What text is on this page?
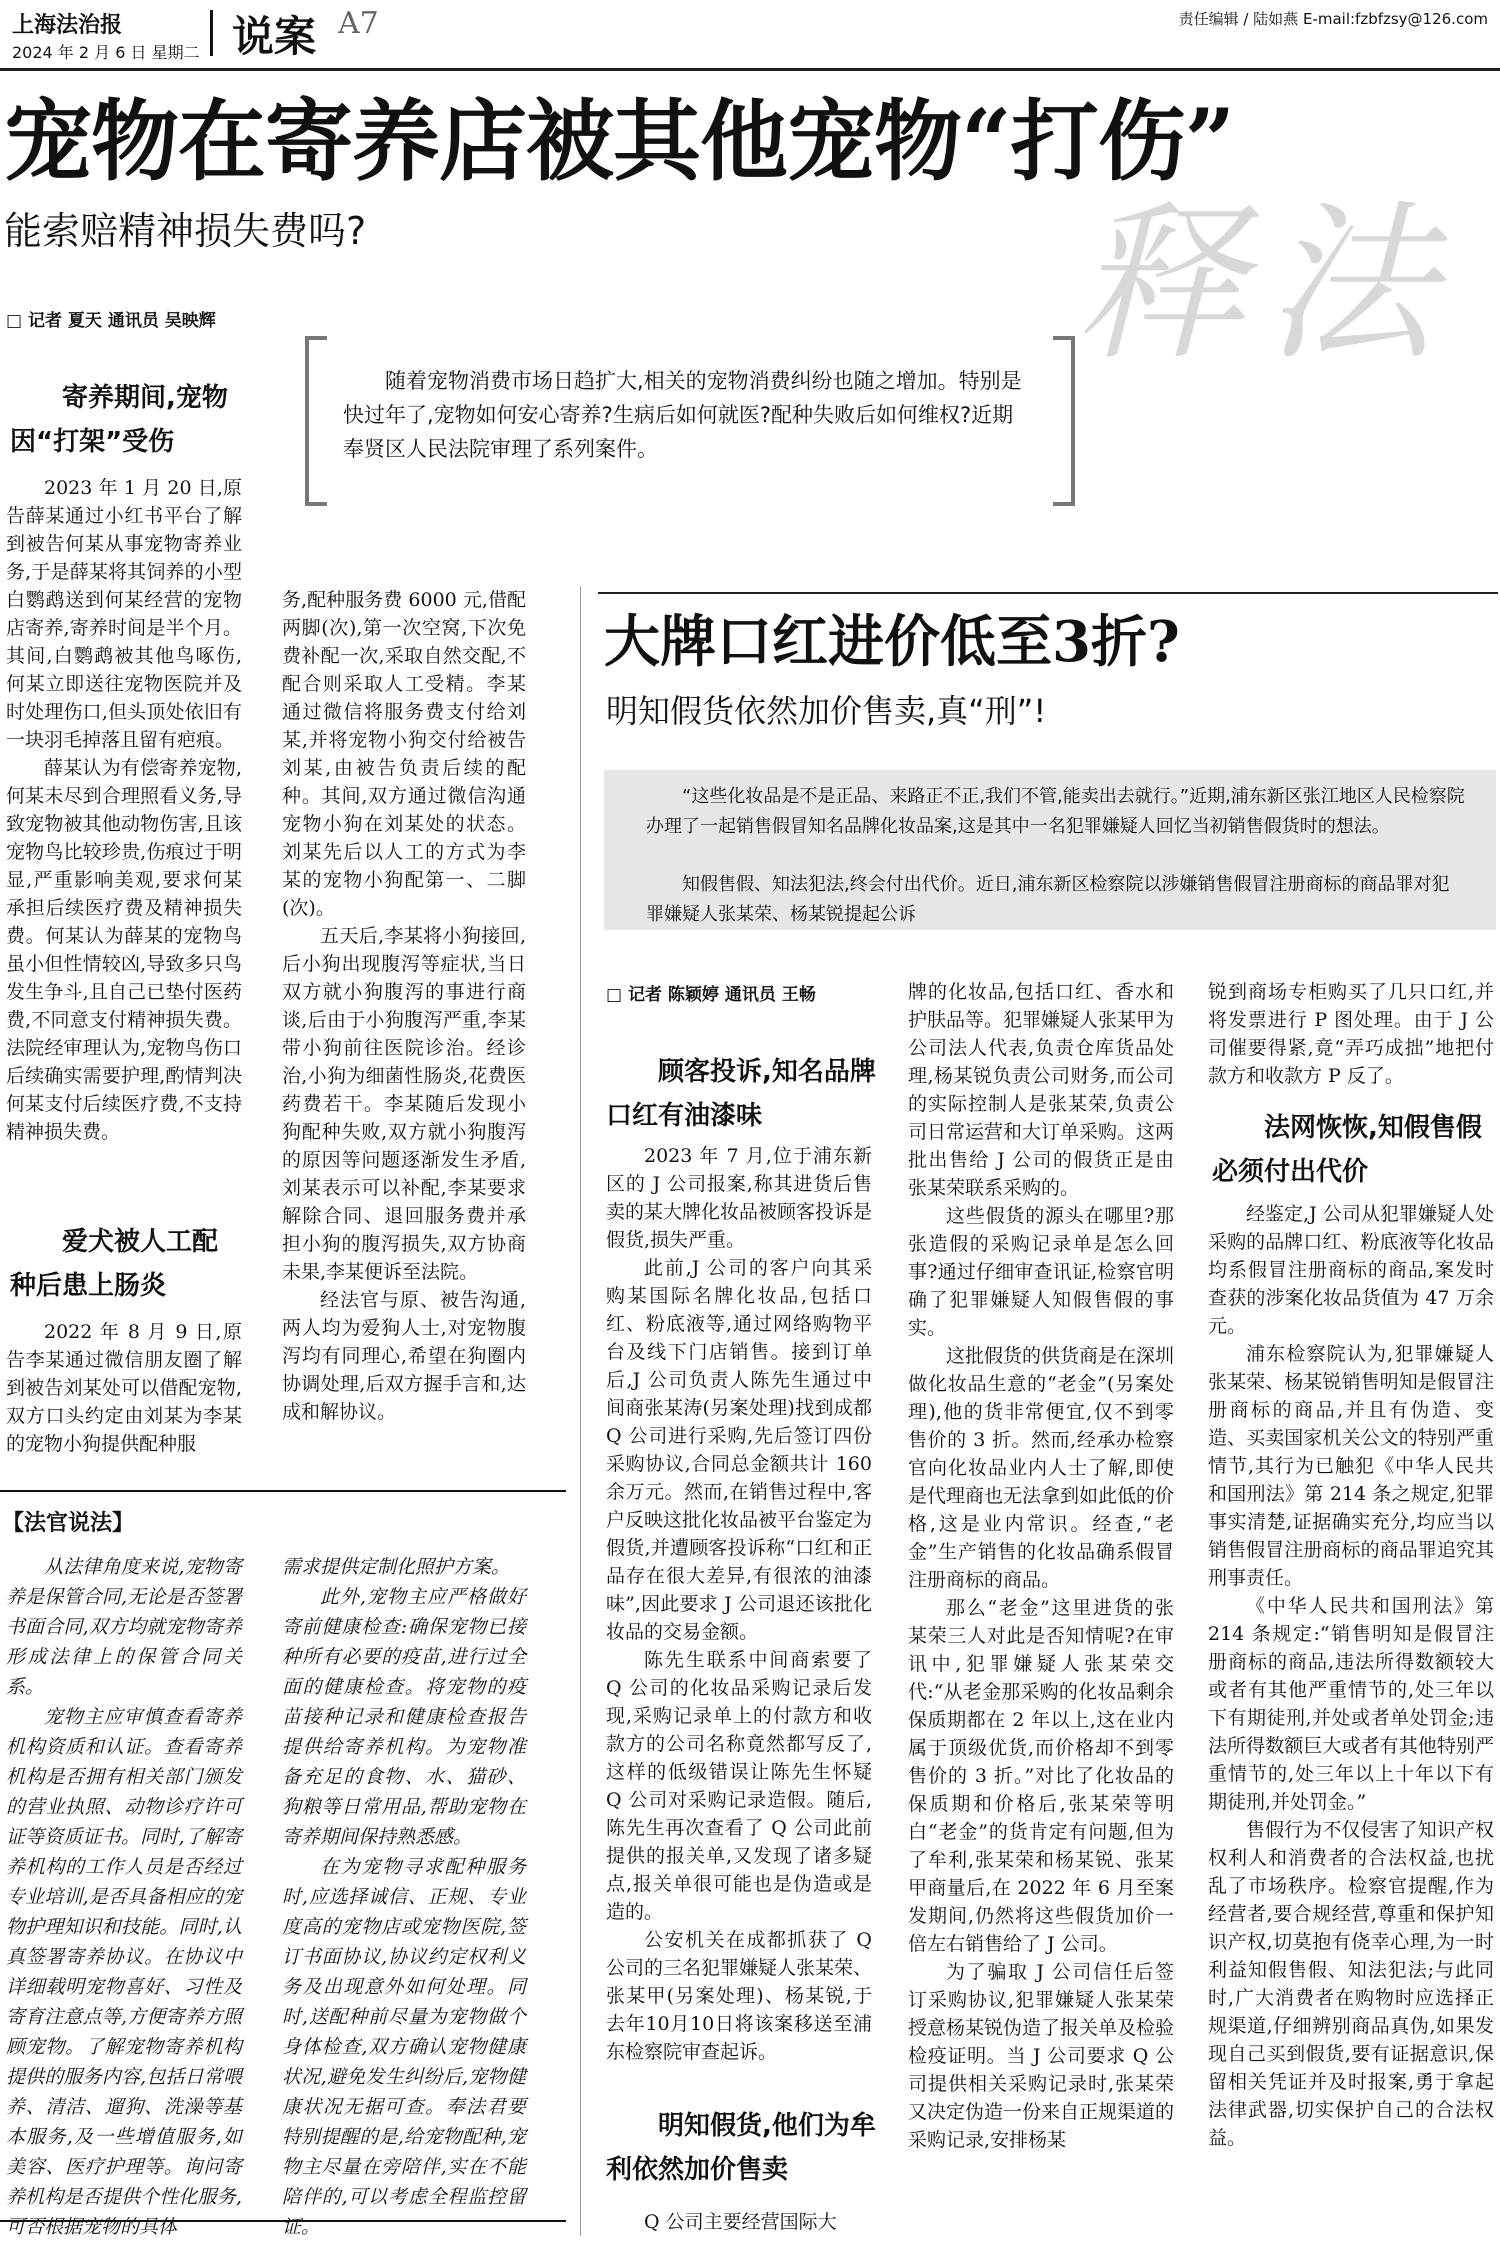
上海法治报
2024 年 2 月 6 日 星期二 说案 A7	责任编辑 / 陆如燕 E-mail:fzbfzsy@126.com
宠物在寄养店被其他宠物“打伤”
能索赔精神损失费吗?	释法
□ 记者 夏天 通讯员 吴映辉
随着宠物消费市场日趋扩大,相关的宠物消费纠纷也随之增加。特别是快过年了,宠物如何安心寄养?生病后如何就医?配种失败后如何维权?近期奉贤区人民法院审理了系列案件。
寄养期间,宠物因“打架”受伤

2023 年 1 月 20 日,原告薛某通过小红书平台了解到被告何某从事宠物寄养业务,于是薛某将其饲养的小型白鹦鹉送到何某经营的宠物店寄养,寄养时间是半个月。其间,白鹦鹉被其他鸟啄伤,何某立即送往宠物医院并及时处理伤口,但头顶处依旧有一块羽毛掉落且留有疤痕。

薛某认为有偿寄养宠物,何某未尽到合理照看义务,导致宠物被其他动物伤害,且该宠物鸟比较珍贵,伤痕过于明显,严重影响美观,要求何某承担后续医疗费及精神损失费。何某认为薛某的宠物鸟虽小但性情较凶,导致多只鸟发生争斗,且自己已垫付医药费,不同意支付精神损失费。法院经审理认为,宠物鸟伤口后续确实需要护理,酌情判决何某支付后续医疗费,不支持精神损失费。

爱犬被人工配种后患上肠炎

2022 年 8 月 9 日,原告李某通过微信朋友圈了解到被告刘某处可以借配宠物,双方口头约定由刘某为李某的宠物小狗提供配种服

务,配种服务费 6000 元,借配两脚(次),第一次空窝,下次免费补配一次,采取自然交配,不配合则采取人工受精。李某通过微信将服务费支付给刘某,并将宠物小狗交付给被告刘某,由被告负责后续的配种。其间,双方通过微信沟通宠物小狗在刘某处的状态。刘某先后以人工的方式为李某的宠物小狗配第一、二脚(次)。

五天后,李某将小狗接回,后小狗出现腹泻等症状,当日双方就小狗腹泻的事进行商谈,后由于小狗腹泻严重,李某带小狗前往医院诊治。经诊治,小狗为细菌性肠炎,花费医药费若干。李某随后发现小狗配种失败,双方就小狗腹泻的原因等问题逐渐发生矛盾,刘某表示可以补配,李某要求解除合同、退回服务费并承担小狗的腹泻损失,双方协商未果,李某便诉至法院。

经法官与原、被告沟通,两人均为爱狗人士,对宠物腹泻均有同理心,希望在狗圈内协调处理,后双方握手言和,达成和解协议。

【法官说法】

从法律角度来说,宠物寄养是保管合同,无论是否签署书面合同,双方均就宠物寄养形成法律上的保管合同关系。

宠物主应审慎查看寄养机构资质和认证。查看寄养机构是否拥有相关部门颁发的营业执照、动物诊疗许可证等资质证书。同时,了解寄养机构的工作人员是否经过专业培训,是否具备相应的宠物护理知识和技能。同时,认真签署寄养协议。在协议中详细载明宠物喜好、习性及寄育注意点等,方便寄养方照顾宠物。了解宠物寄养机构提供的服务内容,包括日常喂养、清洁、遛狗、洗澡等基本服务,及一些增值服务,如美容、医疗护理等。询问寄养机构是否提供个性化服务,可否根据宠物的具体

需求提供定制化照护方案。

此外,宠物主应严格做好寄前健康检查:确保宠物已接种所有必要的疫苗,进行过全面的健康检查。将宠物的疫苗接种记录和健康检查报告提供给寄养机构。为宠物准备充足的食物、水、猫砂、狗粮等日常用品,帮助宠物在寄养期间保持熟悉感。

在为宠物寻求配种服务时,应选择诚信、正规、专业度高的宠物店或宠物医院,签订书面协议,协议约定权利义务及出现意外如何处理。同时,送配种前尽量为宠物做个身体检查,双方确认宠物健康状况,避免发生纠纷后,宠物健康状况无据可查。奉法君要特别提醒的是,给宠物配种,宠物主尽量在旁陪伴,实在不能陪伴的,可以考虑全程监控留证。

大牌口红进价低至3折?
明知假货依然加价售卖,真“刑”!
“这些化妆品是不是正品、来路正不正,我们不管,能卖出去就行。”近期,浦东新区张江地区人民检察院办理了一起销售假冒知名品牌化妆品案,这是其中一名犯罪嫌疑人回忆当初销售假货时的想法。
知假售假、知法犯法,终会付出代价。近日,浦东新区检察院以涉嫌销售假冒注册商标的商品罪对犯罪嫌疑人张某荣、杨某锐提起公诉
□ 记者 陈颖婷 通讯员 王畅
顾客投诉,知名品牌口红有油漆味

2023 年 7 月,位于浦东新区的 J 公司报案,称其进货后售卖的某大牌化妆品被顾客投诉是假货,损失严重。

此前,J 公司的客户向其采购某国际名牌化妆品,包括口红、粉底液等,通过网络购物平台及线下门店销售。接到订单后,J 公司负责人陈先生通过中间商张某涛(另案处理)找到成都 Q 公司进行采购,先后签订四份采购协议,合同总金额共计 160 余万元。然而,在销售过程中,客户反映这批化妆品被平台鉴定为假货,并遭顾客投诉称“口红和正品存在很大差异,有很浓的油漆味”,因此要求 J 公司退还该批化妆品的交易金额。

陈先生联系中间商索要了 Q 公司的化妆品采购记录后发现,采购记录单上的付款方和收款方的公司名称竟然都写反了,这样的低级错误让陈先生怀疑 Q 公司对采购记录造假。随后,陈先生再次查看了 Q 公司此前提供的报关单,又发现了诸多疑点,报关单很可能也是伪造或是造的。

公安机关在成都抓获了 Q 公司的三名犯罪嫌疑人张某荣、张某甲(另案处理)、杨某锐,于去年10月10日将该案移送至浦东检察院审查起诉。

明知假货,他们为牟利依然加价售卖

Q 公司主要经营国际大

牌的化妆品,包括口红、香水和护肤品等。犯罪嫌疑人张某甲为公司法人代表,负责仓库货品处理,杨某锐负责公司财务,而公司的实际控制人是张某荣,负责公司日常运营和大订单采购。这两批出售给 J 公司的假货正是由张某荣联系采购的。

这些假货的源头在哪里?那张造假的采购记录单是怎么回事?通过仔细审查讯证,检察官明确了犯罪嫌疑人知假售假的事实。

这批假货的供货商是在深圳做化妆品生意的“老金”(另案处理),他的货非常便宜,仅不到零售价的 3 折。然而,经承办检察官向化妆品业内人士了解,即使是代理商也无法拿到如此低的价格,这是业内常识。经查,“老金”生产销售的化妆品确系假冒注册商标的商品。

那么“老金”这里进货的张某荣三人对此是否知情呢?在审讯中,犯罪嫌疑人张某荣交代:“从老金那采购的化妆品剩余保质期都在 2 年以上,这在业内属于顶级优货,而价格却不到零售价的 3 折。”对比了化妆品的保质期和价格后,张某荣等明白“老金”的货肯定有问题,但为了牟利,张某荣和杨某锐、张某甲商量后,在 2022 年 6 月至案发期间,仍然将这些假货加价一倍左右销售给了 J 公司。

为了骗取 J 公司信任后签订采购协议,犯罪嫌疑人张某荣授意杨某锐伪造了报关单及检验检疫证明。当 J 公司要求 Q 公司提供相关采购记录时,张某荣又决定伪造一份来自正规渠道的采购记录,安排杨某

锐到商场专柜购买了几只口红,并将发票进行 P 图处理。由于 J 公司催要得紧,竟“弄巧成拙”地把付款方和收款方 P 反了。

法网恢恢,知假售假必须付出代价

经鉴定,J 公司从犯罪嫌疑人处采购的品牌口红、粉底液等化妆品均系假冒注册商标的商品,案发时查获的涉案化妆品货值为 47 万余元。

浦东检察院认为,犯罪嫌疑人张某荣、杨某锐销售明知是假冒注册商标的商品,并且有伪造、变造、买卖国家机关公文的特别严重情节,其行为已触犯《中华人民共和国刑法》第 214 条之规定,犯罪事实清楚,证据确实充分,均应当以销售假冒注册商标的商品罪追究其刑事责任。

《中华人民共和国刑法》第 214 条规定:“销售明知是假冒注册商标的商品,违法所得数额较大或者有其他严重情节的,处三年以下有期徒刑,并处或者单处罚金;违法所得数额巨大或者有其他特别严重情节的,处三年以上十年以下有期徒刑,并处罚金。”

售假行为不仅侵害了知识产权权利人和消费者的合法权益,也扰乱了市场秩序。检察官提醒,作为经营者,要合规经营,尊重和保护知识产权,切莫抱有侥幸心理,为一时利益知假售假、知法犯法;与此同时,广大消费者在购物时应选择正规渠道,仔细辨别商品真伪,如果发现自己买到假货,要有证据意识,保留相关凭证并及时报案,勇于拿起法律武器,切实保护自己的合法权益。
